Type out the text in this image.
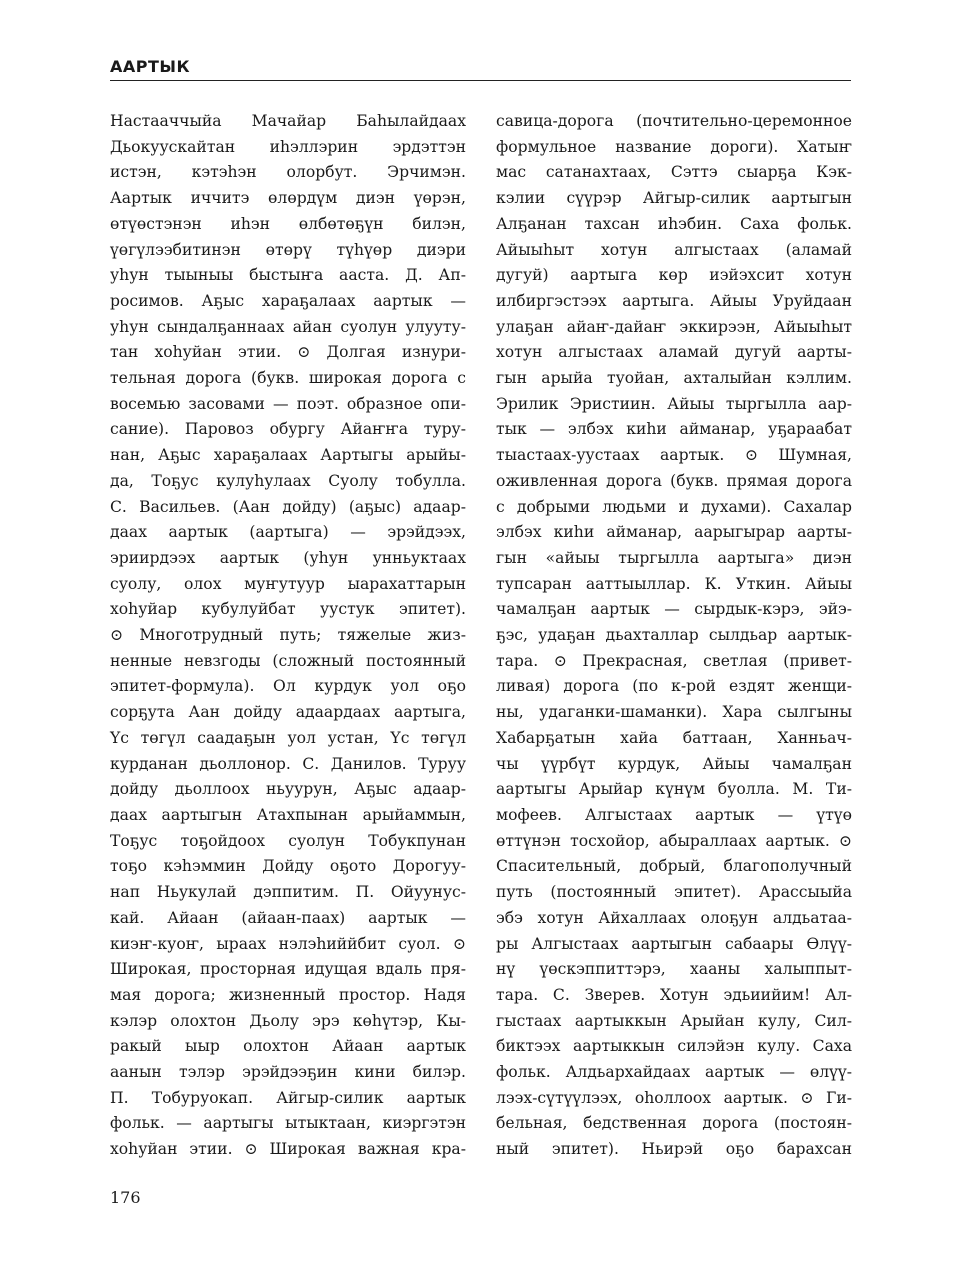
ААРТЫК
Настааччыйа Мачайар Баһылайдаах
Дьокуускайтан иһэллэрин эрдэттэн
истэн, кэтэһэн олорбут. Эрчимэн.
Аартык иччитэ өлөрдүм диэн үөрэн,
өтүөстэнэн иһэн өлбөтөҕүн билэн,
үөгүлээбитинэн өтөрү түһүөр диэри
уһун тыыныы быстыҥа ааста. Д. Ап-
росимов. Аҕыс хараҕалаах аартык —
уһун сындалҕаннаах айан суолун улууту-
тан хоһуйан этии. ⊙ Долгая изнури-
тельная дорога (букв. широкая дорога с
восемью засовами — поэт. образное опи-
сание). Паровоз обургу Айаҥҥа туру-
нан, Аҕыс хараҕалаах Аартыгы арыйы-
да, Тоҕус кулуһулаах Суолу тобулла.
С. Васильев. (Аан дойду) (аҕыс) адаар-
даах аартык (аартыга) — эрэйдээх,
эриирдээх аартык (уһун унньуктаах
суолу, олох муҥутуур ыарахаттарын
хоһуйар кубулуйбат уустук эпитет).
⊙ Многотрудный путь; тяжелые жиз-
ненные невзгоды (сложный постоянный
эпитет-формула). Ол курдук уол оҕо
сорҕута Аан дойду адаардаах аартыга,
Үс төгүл саадаҕын уол устан, Үс төгүл
курданан дьоллонор. С. Данилов. Туруу
дойду дьоллоох ньуурун, Аҕыс адаар-
даах аартыгын Атахпынан арыйаммын,
Тоҕус тоҕойдоох суолун Тобукпунан
тоҕо кэһэммин Дойду оҕото Дорогуу-
нап Ньукулай дэппитим. П. Ойуунус-
кай. Айаан (айаан-паах) аартык —
киэҥ-куоҥ, ыраах нэлэһиййбит суол. ⊙
Широкая, просторная идущая вдаль пря-
мая дорога; жизненный простор. Надя
кэлэр олохтон Дьолу эрэ көһүтэр, Кы-
ракый ыыр олохтон Айаан аартык
аанын тэлэр эрэйдээҕин кини билэр.
П. Тобуруокап. Айгыр-силик аартык
фольк. — аартыгы ытыктаан, киэргэтэн
хоһуйан этии. ⊙ Широкая важная кра-
савица-дорога (почтительно-церемонное
формульное название дороги). Хатыҥ
мас сатанахтаах, Сэттэ сыарҕа Кэк-
кэлии сүүрэр Айгыр-силик аартыгын
Алҕанан тахсан иһэбин. Саха фольк.
Айыыһыт хотун алгыстаах (аламай
дугуй) аартыга көр иэйэхсит хотун
илбиргэстээх аартыга. Айыы Уруйдаан
улаҕан айаҥ-дайаҥ эккирээн, Айыыһыт
хотун алгыстаах аламай дугуй аарты-
гын арыйа туойан, ахталыйан кэллим.
Эрилик Эристиин. Айыы тыргылла аар-
тык — элбэх киһи айманар, уҕараабат
тыастаах-уустаах аартык. ⊙ Шумная,
оживленная дорога (букв. прямая дорога
с добрыми людьми и духами). Сахалар
элбэх киһи айманар, аарыгырар аарты-
гын «айыы тыргылла аартыга» диэн
тупсаран ааттыыллар. К. Уткин. Айыы
чамалҕан аартык — сырдык-кэрэ, эйэ-
ҕэс, удаҕан дьахталлар сылдьар аартык-
тара. ⊙ Прекрасная, светлая (привет-
ливая) дорога (по к-рой ездят женщи-
ны, удаганки-шаманки). Хара сылгыны
Хабарҕатын хайа баттаан, Ханньач-
чы үүрбүт курдук, Айыы чамалҕан
аартыгы Арыйар күнүм буолла. М. Ти-
мофеев. Алгыстаах аартык — үтүө
өттүнэн тосхойор, абыраллаах аартык. ⊙
Спасительный, добрый, благополучный
путь (постоянный эпитет). Арассыыйа
эбэ хотун Айхаллаах олоҕун алдьатаа-
ры Алгыстаах аартыгын сабаары Өлүү-
нү үөскэппиттэрэ, хааны халыппыт-
тара. С. Зверев. Хотун эдьиийим! Ал-
гыстаах аартыккын Арыйан кулу, Сил-
биктээх аартыккын силэйэн кулу. Саха
фольк. Алдьархайдаах аартык — өлүү-
лээх-сүтүүлээх, оһоллоох аартык. ⊙ Ги-
бельная, бедственная дорога (постоян-
ный эпитет). Ньирэй оҕо барахсан
176
